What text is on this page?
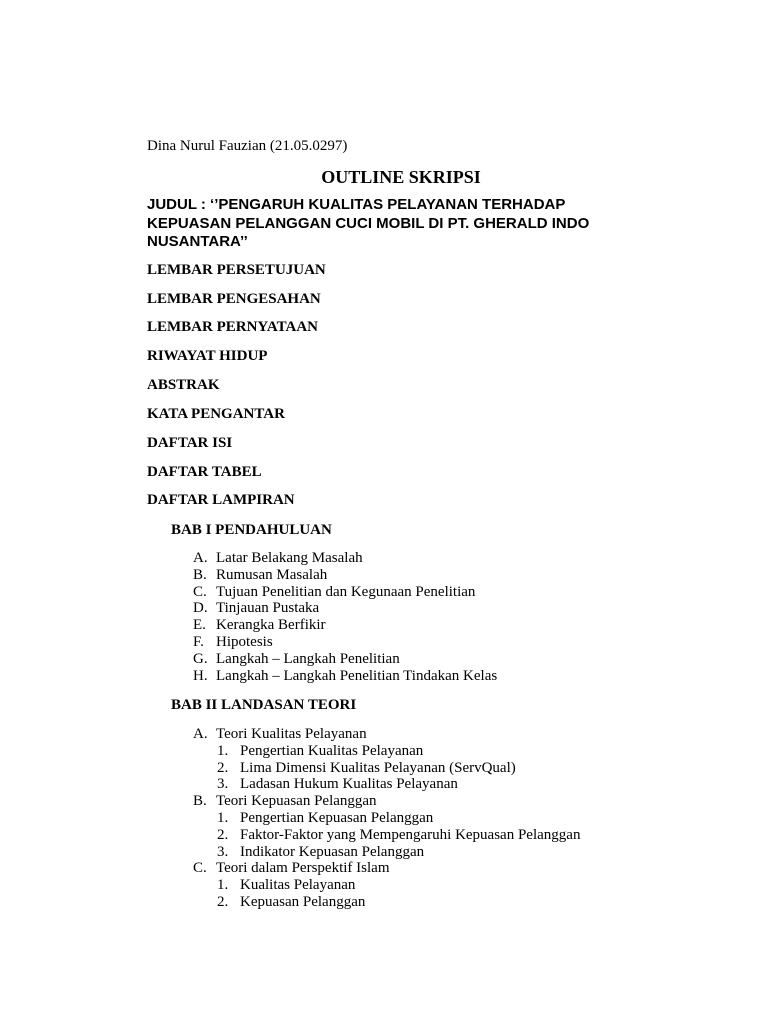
Dina Nurul Fauzian (21.05.0297)
OUTLINE SKRIPSI
JUDUL : ‘’PENGARUH KUALITAS PELAYANAN TERHADAP KEPUASAN PELANGGAN CUCI MOBIL DI PT. GHERALD INDO NUSANTARA’’
LEMBAR PERSETUJUAN
LEMBAR PENGESAHAN
LEMBAR PERNYATAAN
RIWAYAT HIDUP
ABSTRAK
KATA PENGANTAR
DAFTAR ISI
DAFTAR TABEL
DAFTAR LAMPIRAN
BAB I PENDAHULUAN
A. Latar Belakang Masalah
B. Rumusan Masalah
C. Tujuan Penelitian dan Kegunaan Penelitian
D. Tinjauan Pustaka
E. Kerangka Berfikir
F. Hipotesis
G. Langkah – Langkah Penelitian
H. Langkah – Langkah Penelitian Tindakan Kelas
BAB II LANDASAN TEORI
A. Teori Kualitas Pelayanan
1. Pengertian Kualitas Pelayanan
2. Lima Dimensi Kualitas Pelayanan (ServQual)
3. Ladasan Hukum Kualitas Pelayanan
B. Teori Kepuasan Pelanggan
1. Pengertian Kepuasan Pelanggan
2. Faktor-Faktor yang Mempengaruhi Kepuasan Pelanggan
3. Indikator Kepuasan Pelanggan
C. Teori dalam Perspektif Islam
1. Kualitas Pelayanan
2. Kepuasan Pelanggan
